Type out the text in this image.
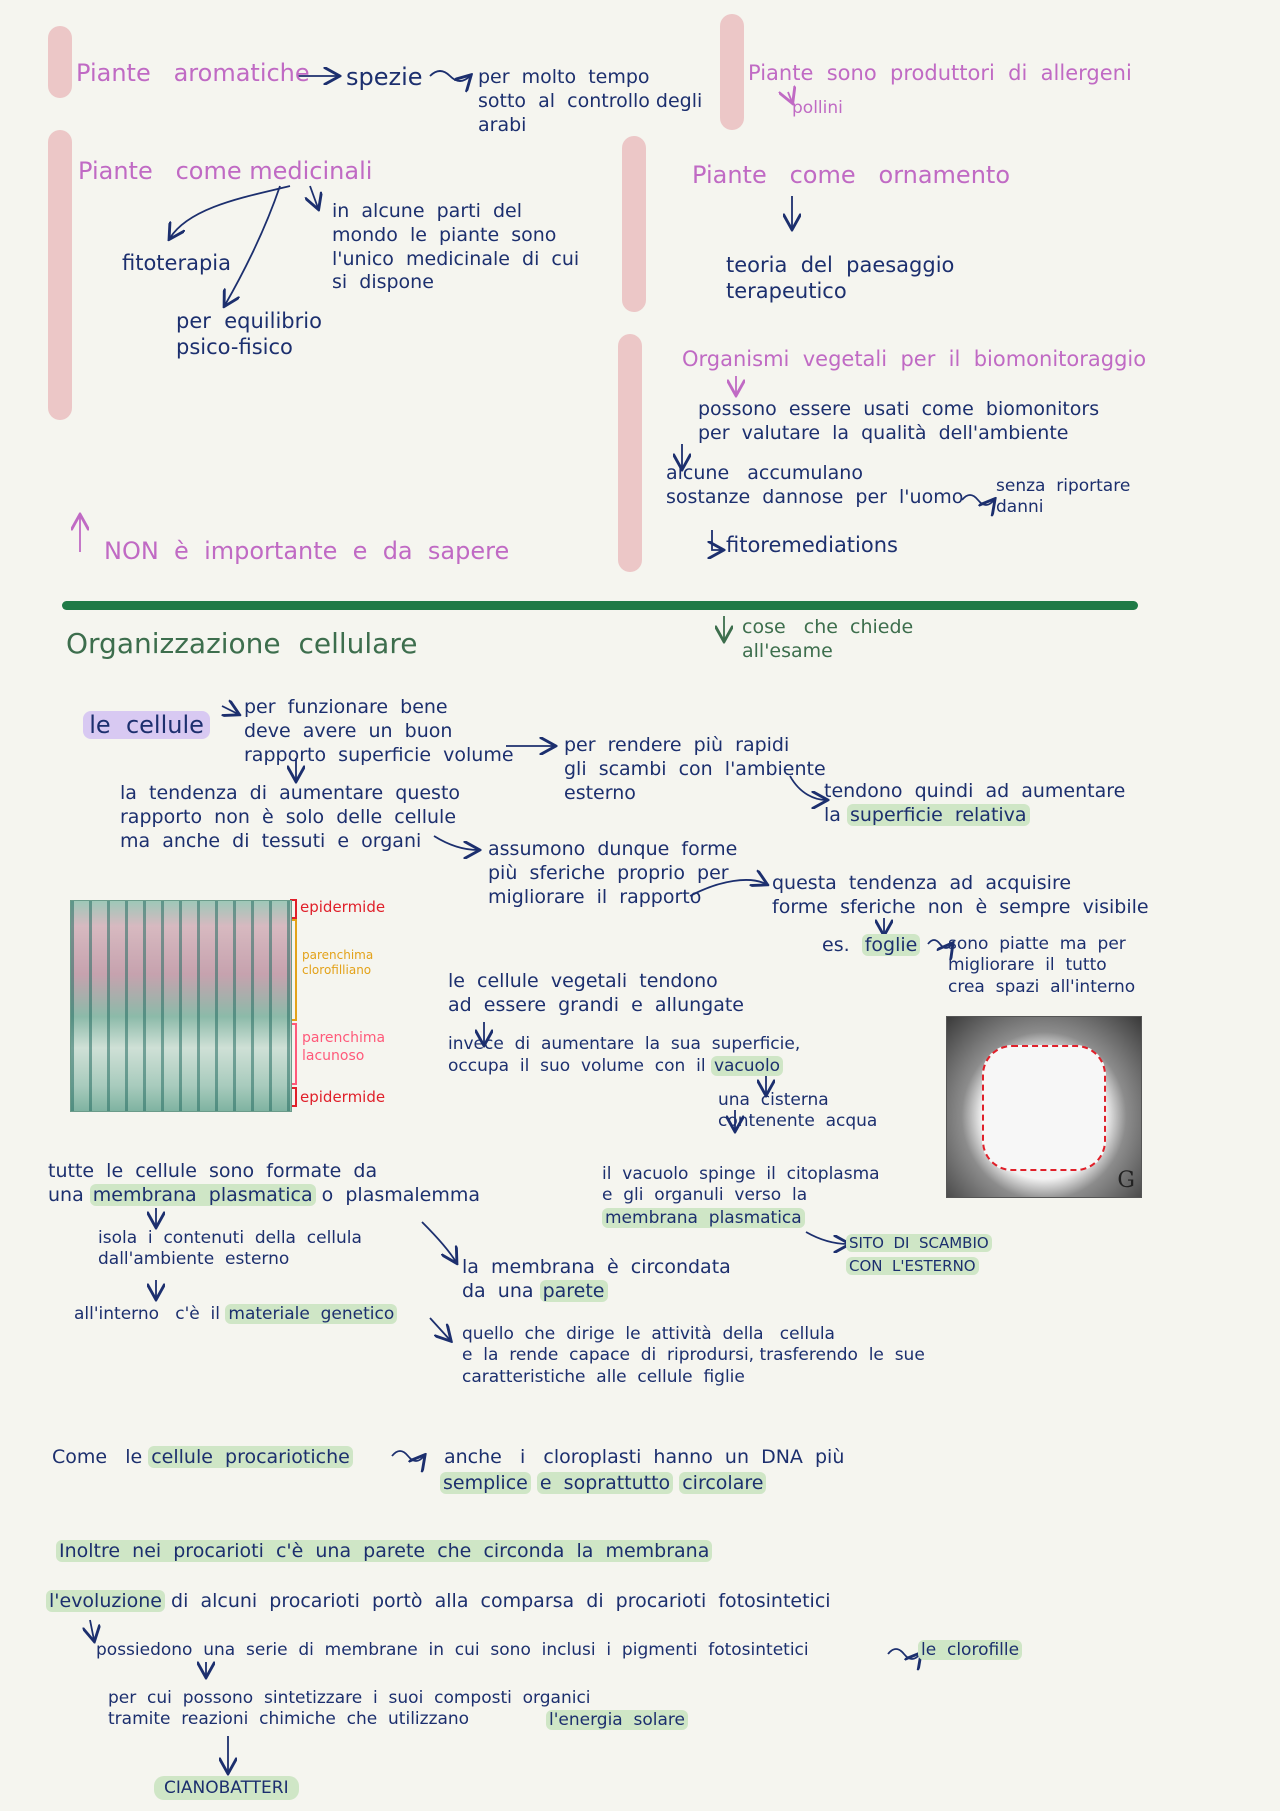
Piante   aromatiche spezie	per  molto  tempo
sotto  al  controllo degli
arabi
Piante  sono  produttori  di  allergeni
pollini
Piante   come medicinali
fitoterapia
per  equilibrio
psico-fisico
in  alcune  parti  del
mondo  le  piante  sono
l'unico  medicinale  di  cui
si  dispone
Piante   come   ornamento
teoria  del  paesaggio
terapeutico
Organismi  vegetali  per  il  biomonitoraggio
possono  essere  usati  come  biomonitors
per  valutare  la  qualità  dell'ambiente
alcune   accumulano
sostanze  dannose  per  l'uomo senza  riportare
danni
fitoremediations
NON  è  importante  e  da  sapere
cose   che  chiede
all'esame
Organizzazione  cellulare

le  cellule

per  funzionare  bene
deve  avere  un  buon
rapporto  superficie  volume	per  rendere  più  rapidi
gli  scambi  con  l'ambiente
esterno	tendono  quindi  ad  aumentare
la superficie  relativa
la  tendenza  di  aumentare  questo
rapporto  non  è  solo  delle  cellule
ma  anche  di  tessuti  e  organi	assumono  dunque  forme
più  sferiche  proprio  per
migliorare  il  rapporto
questa  tendenza  ad  acquisire
forme  sferiche  non  è  sempre  visibile
es. foglie sono  piatte  ma  per
migliorare  il  tutto
crea  spazi  all'interno
epidermide
parenchima
clorofilliano
parenchima
lacunoso
epidermide
le  cellule  vegetali  tendono
ad  essere  grandi  e  allungate
invece  di  aumentare  la  sua  superficie,
occupa  il  suo  volume  con  il vacuolo
una  cisterna
contenente  acqua
G
il  vacuolo  spinge  il  citoplasma
e  gli  organuli  verso  la
membrana  plasmatica
SITO  DI  SCAMBIO
CON  L'ESTERNO
tutte  le  cellule  sono  formate  da
una membrana  plasmatica o  plasmalemma
isola  i  contenuti  della  cellula
dall'ambiente  esterno	la  membrana  è  circondata
da  una parete
all'interno   c'è  il materiale  genetico
quello  che  dirige  le  attività  della   cellula
e  la  rende  capace  di  riprodursi, trasferendo  le  sue
caratteristiche  alle  cellule  figlie
Come   le cellule  procariotiche	anche   i   cloroplasti  hanno  un  DNA  più
semplice e  soprattutto circolare
Inoltre  nei  procarioti  c'è  una  parete  che  circonda  la  membrana
l'evoluzione di  alcuni  procarioti  portò  alla  comparsa  di  procarioti  fotosintetici
possiedono  una  serie  di  membrane  in  cui  sono  inclusi  i  pigmenti  fotosintetici	le  clorofille
per  cui  possono  sintetizzare  i  suoi  composti  organici
tramite  reazioni  chimiche  che  utilizzano	l'energia  solare
CIANOBATTERI
